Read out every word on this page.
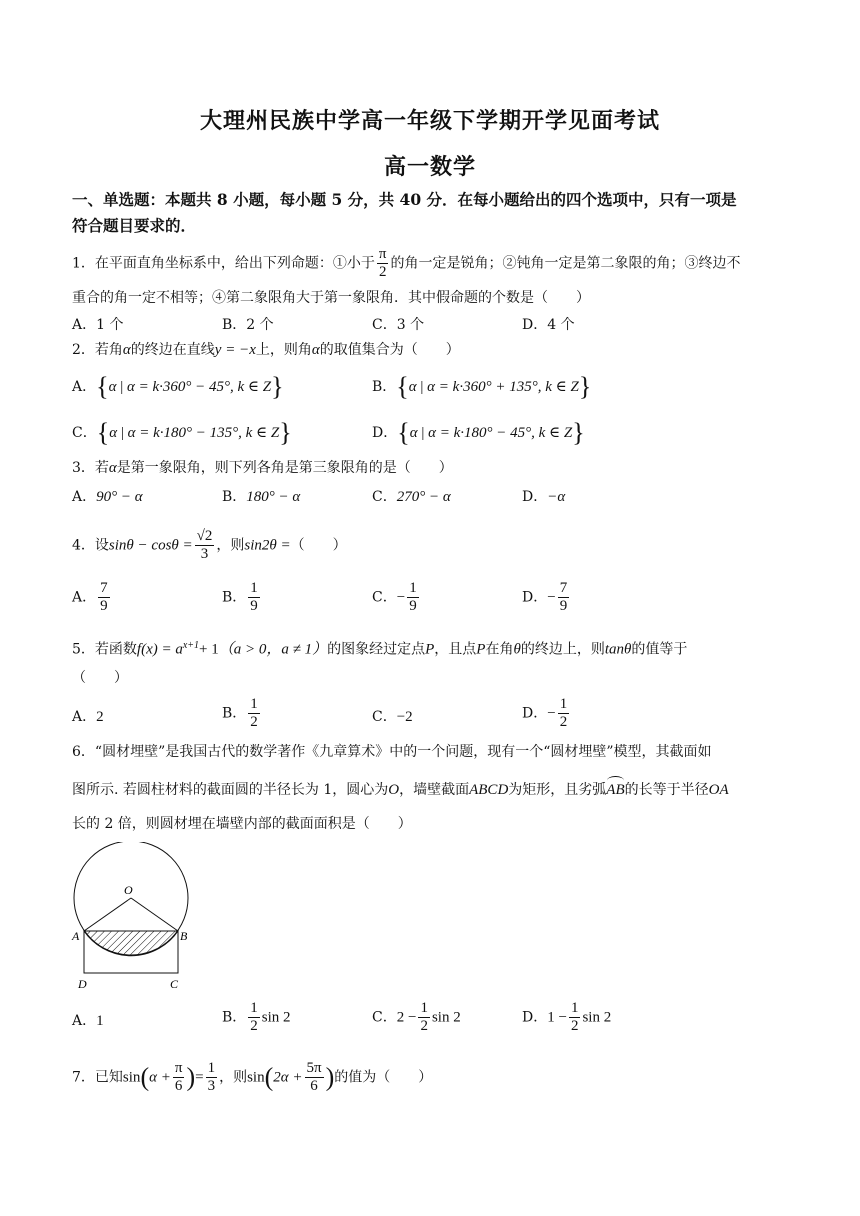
大理州民族中学高一年级下学期开学见面考试
高一数学
一、单选题：本题共 8 小题，每小题 5 分，共 40 分．在每小题给出的四个选项中，只有一项是
符合题目要求的．
1．在平面直角坐标系中，给出下列命题：①小于 $\frac{\pi}{2}$ 的角一定是锐角；②钝角一定是第二象限的角；③终边不
重合的角一定不相等；④第二象限角大于第一象限角．其中假命题的个数是（　　）
A．1 个	B．2 个	C．3 个	D．4 个
2．若角α的终边在直线y = −x上，则角α的取值集合为（　　）
A．{α | α = k·360° − 45°, k ∈ Z}	B．{α | α = k·360° + 135°, k ∈ Z}
C．{α | α = k·180° − 135°, k ∈ Z}	D．{α | α = k·180° − 45°, k ∈ Z}
3．若α是第一象限角，则下列各角是第三象限角的是（　　）
A．90° − α	B．180° − α	C．270° − α	D．−α
4．设$\sin\theta - \cos\theta = \frac{√2}{3}$ ，则sin2θ =（　　）
A． $\frac{7}{9}$	B． $\frac{1}{9}$	C．− $\frac{1}{9}$	D．− $\frac{7}{9}$
5．若函数$f(x) = a^{x+1}+ 1(a > 0$，a ≠ 1）的图象经过定点P，且点P在角θ的终边上，则tanθ的值等于
（　　）
A．2	B． $\frac{1}{2}$	C．−2	D．− $\frac{1}{2}$
6．“圆材埋壁”是我国古代的数学著作《九章算术》中的一个问题，现有一个“圆材埋壁”模型，其截面如
图所示. 若圆柱材料的截面圆的半径长为 1，圆心为O，墙壁截面ABCD为矩形，且劣弧AB的长等于半径OA
长的 2 倍，则圆材埋在墙壁内部的截面面积是（　　）
O
A	B
C
D
A．1	B． $\frac{1}{2}$ sin 2	C．$2 - \frac{1}{2}$ sin 2	D．$1 - \frac{1}{2}$ sin 2
7．已知$\sin(\alpha + \frac{\pi}{6}$ )= $\frac{1}{3}$ ，则$\sin(2\alpha + \frac{5\pi}{6}$ )的值为（　　）
